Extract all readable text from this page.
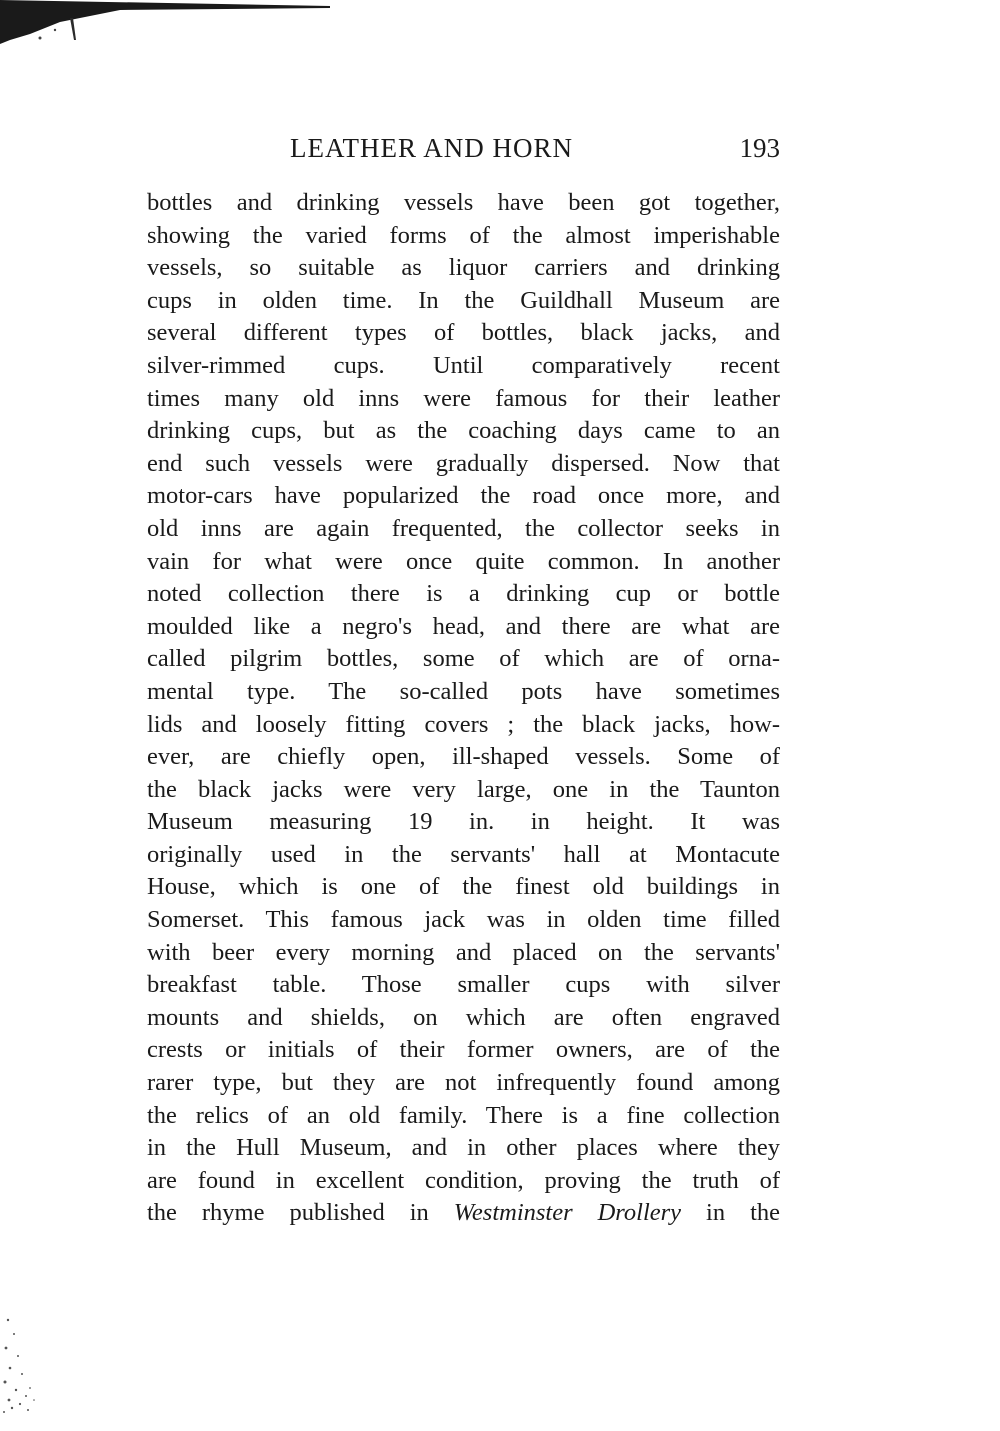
LEATHER AND HORN	193
bottles and drinking vessels have been got together,
showing the varied forms of the almost imperishable
vessels, so suitable as liquor carriers and drinking
cups in olden time. In the Guildhall Museum are
several different types of bottles, black jacks, and
silver-rimmed cups. Until comparatively recent
times many old inns were famous for their leather
drinking cups, but as the coaching days came to an
end such vessels were gradually dispersed. Now that
motor-cars have popularized the road once more, and
old inns are again frequented, the collector seeks in
vain for what were once quite common. In another
noted collection there is a drinking cup or bottle
moulded like a negro's head, and there are what are
called pilgrim bottles, some of which are of orna-
mental type. The so-called pots have sometimes
lids and loosely fitting covers ; the black jacks, how-
ever, are chiefly open, ill-shaped vessels. Some of
the black jacks were very large, one in the Taunton
Museum measuring 19 in. in height. It was
originally used in the servants' hall at Montacute
House, which is one of the finest old buildings in
Somerset. This famous jack was in olden time filled
with beer every morning and placed on the servants'
breakfast table. Those smaller cups with silver
mounts and shields, on which are often engraved
crests or initials of their former owners, are of the
rarer type, but they are not infrequently found among
the relics of an old family. There is a fine collection
in the Hull Museum, and in other places where they
are found in excellent condition, proving the truth of
the rhyme published in Westminster Drollery in the
